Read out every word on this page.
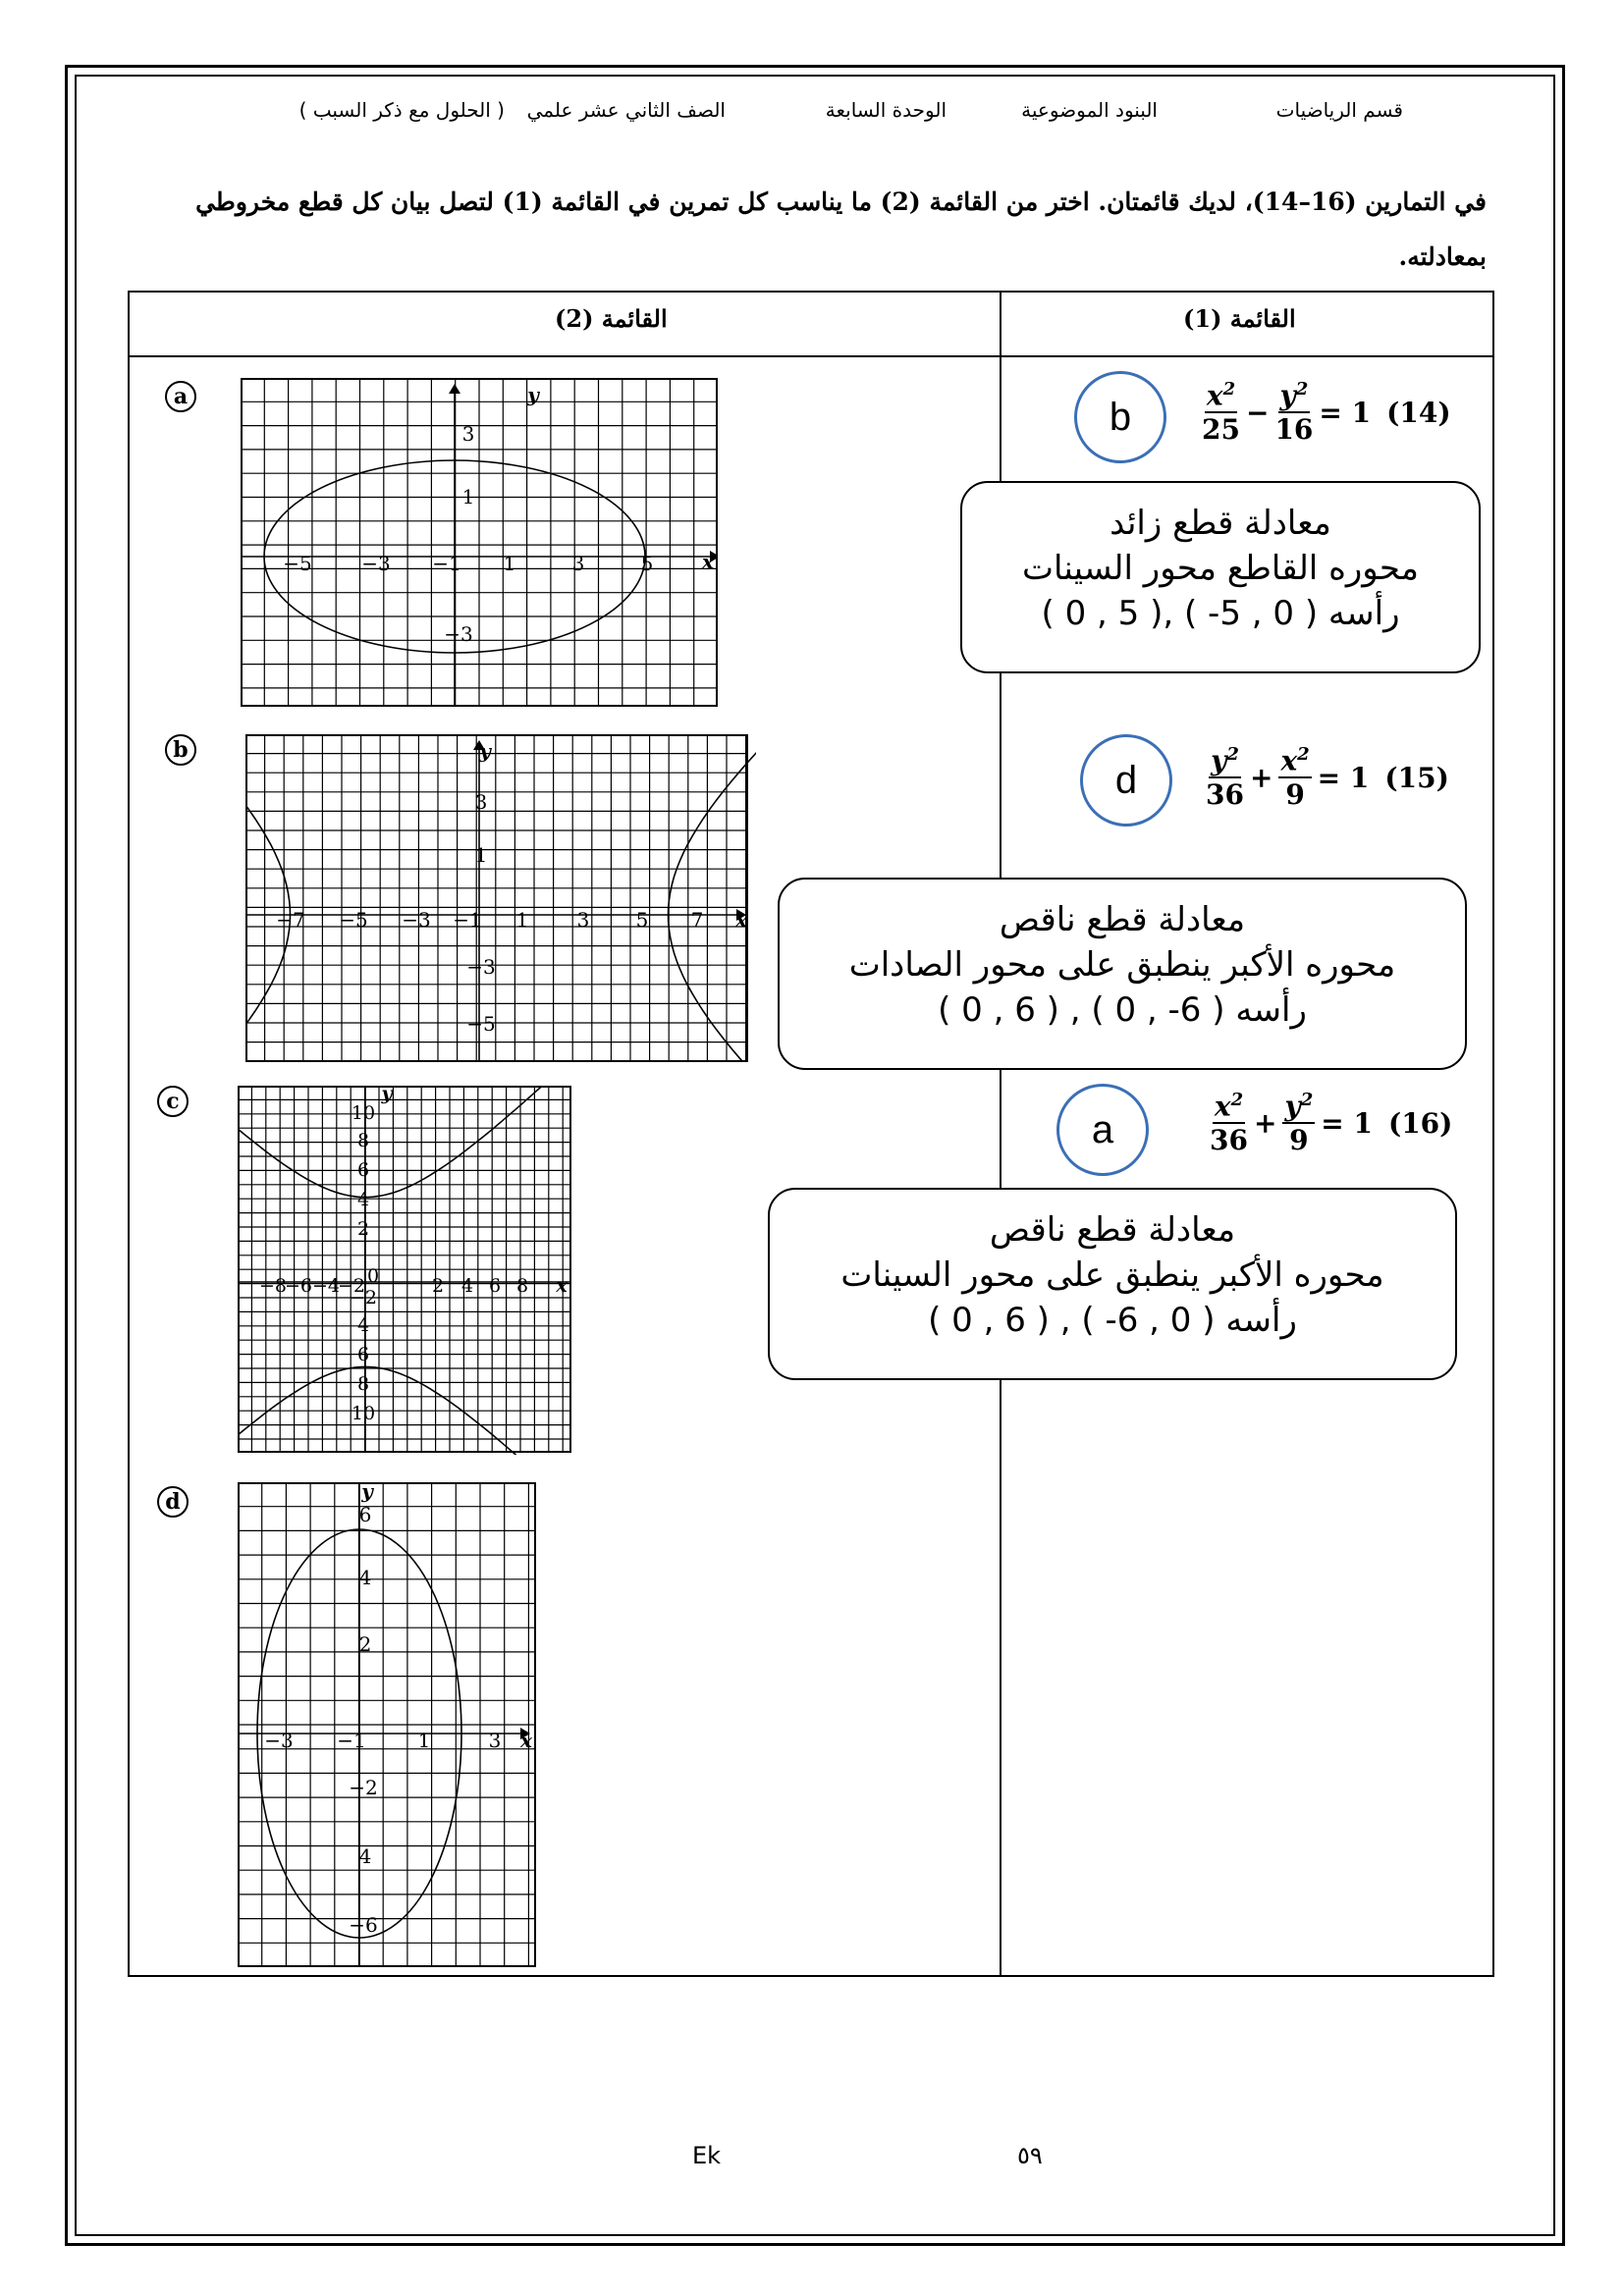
قسم الرياضيات
البنود الموضوعية
الوحدة السابعة
الصف الثاني عشر علمي
( الحلول مع ذكر السبب )
في التمارين (16–14)، لديك قائمتان. اختر من القائمة (2) ما يناسب كل تمرين في القائمة (1) لتصل بيان كل قطع مخروطي بمعادلته.
القائمة (1)
القائمة (2)
a
b
c
d
y
x
−5	−3 −1 1	3	5
3
1
−3
y
x
−7 −5 −3 −1 1 3 5 7
3
1
−3
−5
y
x
−8
−6 −4
−2 0	2 4 6 8
10
8
6
4
2
−2
4
6
8
10
y
x
−3 −1	1	3
6
4
2
−2
4
−6
b	$\frac{x^2}{25} - \frac{y^2}{16} = 1$ (14)
معادلة قطع زائد
محوره القاطع محور السينات
رأسه ( 0 , 5- ) ,( 5 , 0 )
d	$\frac{y^2}{36} + \frac{x^2}{9} = 1$ (15)
معادلة قطع ناقص
محوره الأكبر ينطبق على محور الصادات
رأسه ( 6- , 0 ) , ( 6 , 0 )
a	$\frac{x^2}{36} + \frac{y^2}{9} = 1$ (16)
معادلة قطع ناقص
محوره الأكبر ينطبق على محور السينات
رأسه ( 0 , 6- ) , ( 6 , 0 )
Ek	٥٩
